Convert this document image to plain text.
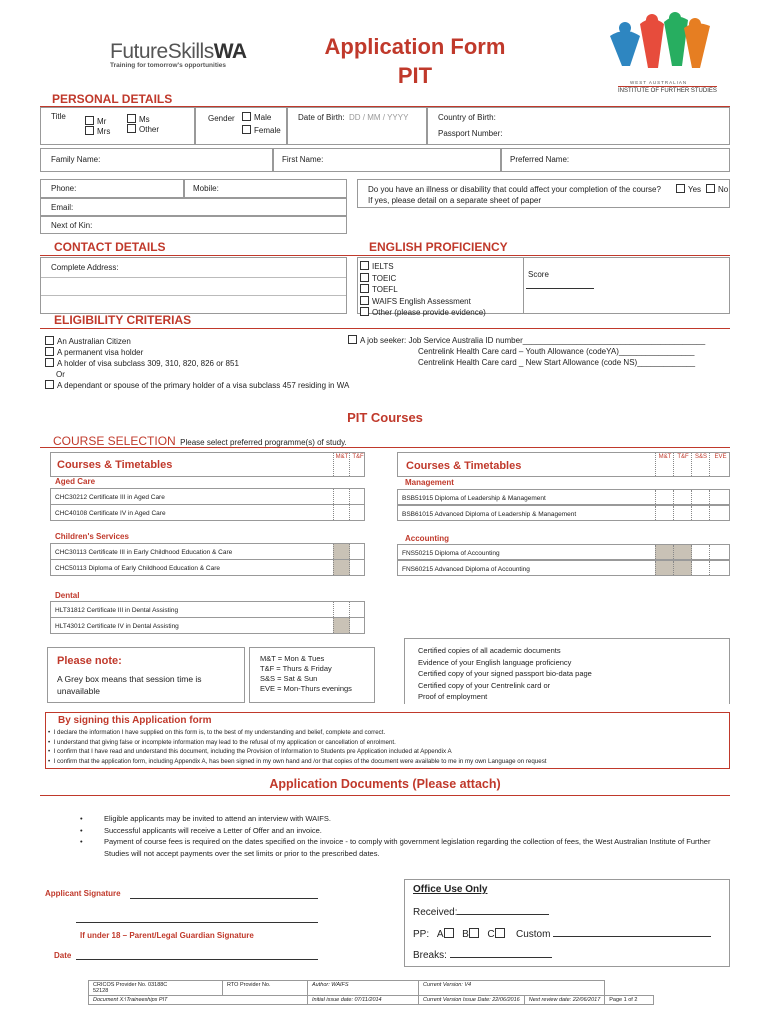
FutureSkillsWA
Training for tomorrow's opportunities
Application Form
PIT	WEST AUSTRALIAN
INSTITUTE OF FURTHER STUDIES
PERSONAL DETAILS
Title
Mr	Ms
Mrs	Other
Gender	Male
Female
Date of Birth: DD / MM / YYYY	Country of Birth:
Passport Number:
Family Name:	First Name:	Preferred Name:
Phone:	Mobile:
Email:
Next of Kin:
Do you have an illness or disability that could affect your completion of the course?	Yes	No
If yes, please detail on a separate sheet of paper
CONTACT DETAILS	ENGLISH PROFICIENCY
Complete Address:	IELTS
TOEIC
TOEFL
WAIFS English Assessment
Other (please provide evidence)
Score
ELIGIBILITY CRITERIAS
An Australian Citizen
A permanent visa holder
A holder of visa subclass 309, 310, 820, 826 or 851
Or
A dependant or spouse of the primary holder of a visa subclass 457 residing in WA
A job seeker: Job Service Australia ID number_________________________________________
Centrelink Health Care card – Youth Allowance (codeYA)_________________
Centrelink Health Care card _ New Start Allowance (code NS)_____________
PIT Courses
COURSE SELECTION Please select preferred programme(s) of study.
Courses & Timetables
M&T T&F
Courses & Timetables
M&T	T&F	S&S	EVE
Aged Care
CHC30212 Certificate III in Aged Care
CHC40108 Certificate IV in Aged Care
Children's Services
CHC30113 Certificate III in Early Childhood Education & Care
CHC50113 Diploma of Early Childhood Education & Care
Dental
HLT31812 Certificate III in Dental Assisting
HLT43012 Certificate IV in Dental Assisting
Management
BSB51915 Diploma of Leadership & Management
BSB61015 Advanced Diploma of Leadership & Management
Accounting
FNS50215 Diploma of Accounting
FNS60215 Advanced Diploma of Accounting
Please note:
A Grey box means that session time is unavailable
M&T = Mon & Tues
T&F = Thurs & Friday
S&S = Sat & Sun
EVE = Mon-Thurs evenings
Certified copies of all academic documents
Evidence of your English language proficiency
Certified copy of your signed passport bio-data page
Certified copy of your Centrelink card or
Proof of employment
By signing this Application form
•  I declare the information I have supplied on this form is, to the best of my understanding and belief, complete and correct.
•  I understand that giving false or incomplete information may lead to the refusal of my application or cancellation of enrolment.
•  I confirm that I have read and understand this document, including the Provision of Information to Students pre Application included at Appendix A
•  I confirm that the application form, including Appendix A, has been signed in my own hand and /or that copies of the document were available to me in my own Language on request
Application Documents (Please attach)
•	Eligible applicants may be invited to attend an interview with WAIFS.
•	Successful applicants will receive a Letter of Offer and an invoice.
•	Payment of course fees is required on the dates specified on the invoice - to comply with government legislation regarding the collection of fees, the West Australian Institute of Further Studies will not accept payments over the set limits or prior to the prescribed dates.
Applicant Signature
If under 18 – Parent/Legal Guardian Signature
Date
Office Use Only
Received:
PP: A B C Custom
Breaks:
CRICOS Provider No. 03188C
52128	RTO Provider No.	Author: WAIFS	Current Version: V4		
Document X:\Traineeships PIT		Initial issue date: 07/11/2014	Current Version Issue Date: 22/06/2016	Next review date: 22/06/2017	Page 1 of 2
